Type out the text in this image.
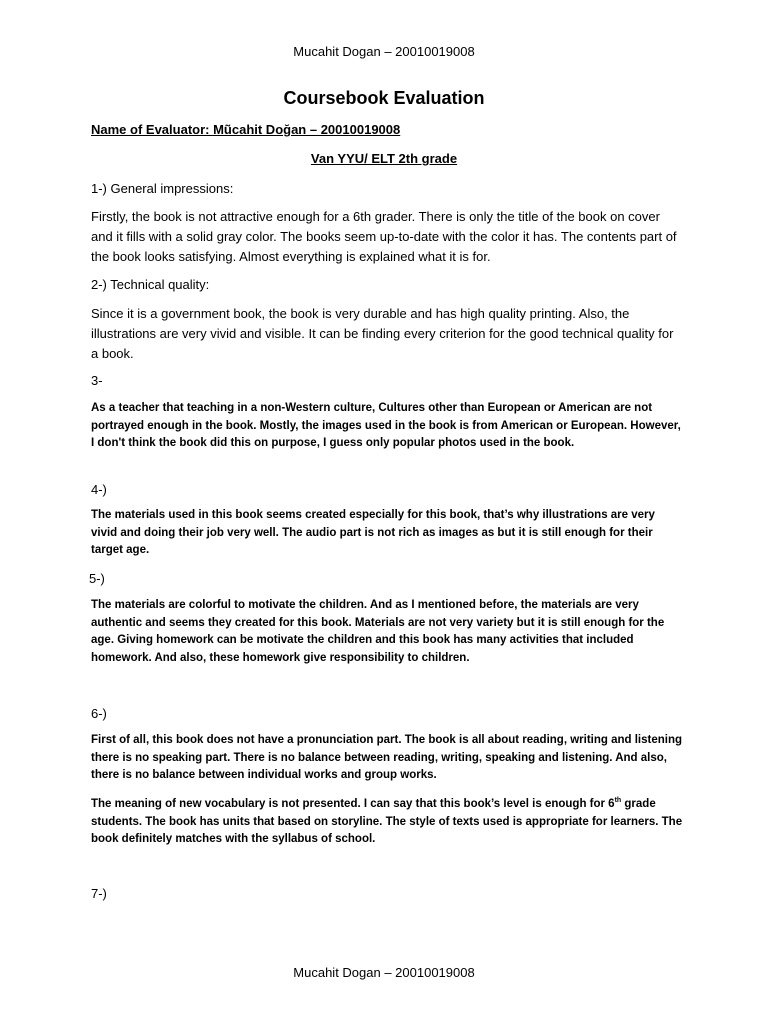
Mucahit Dogan – 20010019008
Coursebook Evaluation
Name of Evaluator: Mũcahit Doğan – 20010019008
Van YYU/ ELT 2th grade
1-) General impressions:

Firstly, the book is not attractive enough for a 6th grader. There is only the title of the book on cover and it fills with a solid gray color. The books seem up-to-date with the color it has. The contents part of the book looks satisfying. Almost everything is explained what it is for.

2-) Technical quality:

Since it is a government book, the book is very durable and has high quality printing. Also, the illustrations are very vivid and visible. It can be finding every criterion for the good technical quality for a book.

3-

As a teacher that teaching in a non-Western culture, Cultures other than European or American are not portrayed enough in the book. Mostly, the images used in the book is from American or European. However, I don't think the book did this on purpose, I guess only popular photos used in the book.

4-)

The materials used in this book seems created especially for this book, that’s why illustrations are very vivid and doing their job very well. The audio part is not rich as images as but it is still enough for their target age.

5-)

The materials are colorful to motivate the children. And as I mentioned before, the materials are very authentic and seems they created for this book. Materials are not very variety but it is still enough for the age. Giving homework can be motivate the children and this book has many activities that included homework. And also, these homework give responsibility to children.

6-)

First of all, this book does not have a pronunciation part. The book is all about reading, writing and listening there is no speaking part. There is no balance between reading, writing, speaking and listening. And also, there is no balance between individual works and group works.

The meaning of new vocabulary is not presented. I can say that this book’s level is enough for 6th grade students. The book has units that based on storyline. The style of texts used is appropriate for learners. The book definitely matches with the syllabus of school.

7-)
Mucahit Dogan – 20010019008
